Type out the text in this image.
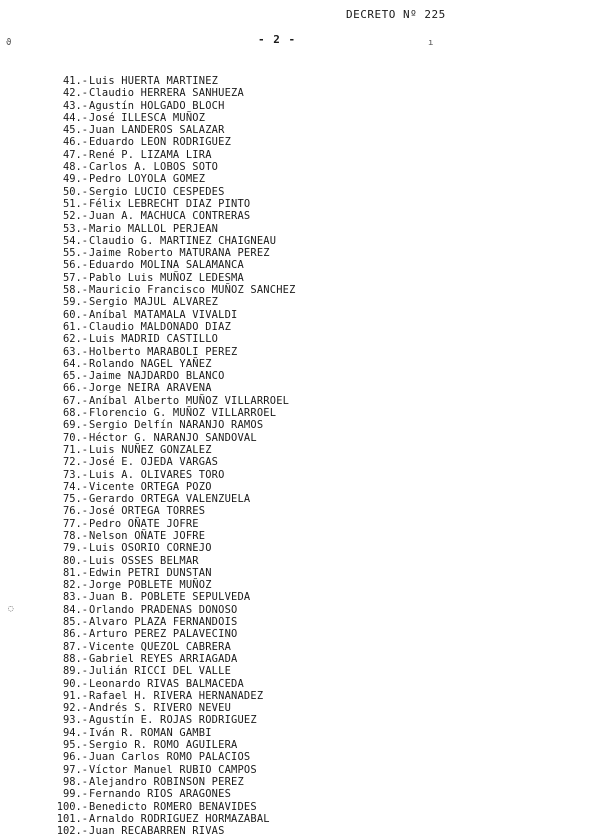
DECRETO Nº 225
- 2 -
ϑ	ı
◌
41.- Luis HUERTA MARTINEZ
42.- Claudio HERRERA SANHUEZA
43.- Agustín HOLGADO BLOCH
44.- José ILLESCA MUÑOZ
45.- Juan LANDEROS SALAZAR
46.- Eduardo LEON RODRIGUEZ
47.- René P. LIZAMA LIRA
48.- Carlos A. LOBOS SOTO
49.- Pedro LOYOLA GOMEZ
50.- Sergio LUCIO CESPEDES
51.- Félix LEBRECHT DIAZ PINTO
52.- Juan A. MACHUCA CONTRERAS
53.- Mario MALLOL PERJEAN
54.- Claudio G. MARTINEZ CHAIGNEAU
55.- Jaime Roberto MATURANA PEREZ
56.- Eduardo MOLINA SALAMANCA
57.- Pablo Luis MUÑOZ LEDESMA
58.- Mauricio Francisco MUÑOZ SANCHEZ
59.- Sergio MAJUL ALVAREZ
60.- Aníbal MATAMALA VIVALDI
61.- Claudio MALDONADO DIAZ
62.- Luis MADRID CASTILLO
63.- Holberto MARABOLI PEREZ
64.- Rolando NAGEL YAÑEZ
65.- Jaime NAJDARDO BLANCO
66.- Jorge NEIRA ARAVENA
67.- Aníbal Alberto MUÑOZ VILLARROEL
68.- Florencio G. MUÑOZ VILLARROEL
69.- Sergio Delfín NARANJO RAMOS
70.- Héctor G. NARANJO SANDOVAL
71.- Luis NUÑEZ GONZALEZ
72.- José E. OJEDA VARGAS
73.- Luis A. OLIVARES TORO
74.- Vicente ORTEGA POZO
75.- Gerardo ORTEGA VALENZUELA
76.- José ORTEGA TORRES
77.- Pedro OÑATE JOFRE
78.- Nelson OÑATE JOFRE
79.- Luis OSORIO CORNEJO
80.- Luis OSSES BELMAR
81.- Edwin PETRI DUNSTAN
82.- Jorge POBLETE MUÑOZ
83.- Juan B. POBLETE SEPULVEDA
84.- Orlando PRADENAS DONOSO
85.- Alvaro PLAZA FERNANDOIS
86.- Arturo PEREZ PALAVECINO
87.- Vicente QUEZOL CABRERA
88.- Gabriel REYES ARRIAGADA
89.- Julián RICCI DEL VALLE
90.- Leonardo RIVAS BALMACEDA
91.- Rafael H. RIVERA HERNANADEZ
92.- Andrés S. RIVERO NEVEU
93.- Agustín E. ROJAS RODRIGUEZ
94.- Iván R. ROMAN GAMBI
95.- Sergio R. ROMO AGUILERA
96.- Juan Carlos ROMO PALACIOS
97.- Víctor Manuel RUBIO CAMPOS
98.- Alejandro ROBINSON PEREZ
99.- Fernando RIOS ARAGONES
100.- Benedicto ROMERO BENAVIDES
101.- Arnaldo RODRIGUEZ HORMAZABAL
102.- Juan RECABARREN RIVAS
